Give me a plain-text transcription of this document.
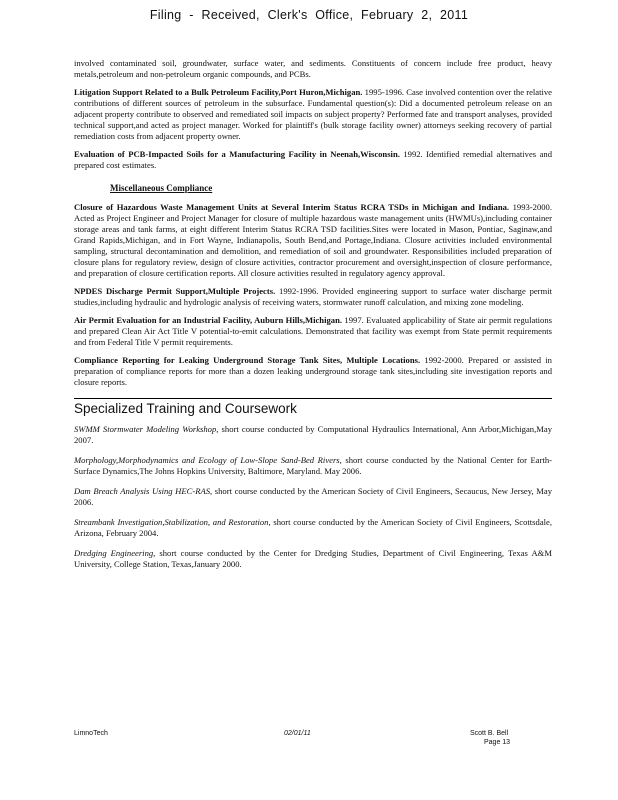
Filing - Received, Clerk's Office, February 2, 2011

involved contaminated soil, groundwater, surface water, and sediments. Constituents of concern include free product, heavy metals,petroleum and non-petroleum organic compounds, and PCBs.

Litigation Support Related to a Bulk Petroleum Facility,Port Huron,Michigan. 1995-1996. Case involved contention over the relative contributions of different sources of petroleum in the subsurface. Fundamental question(s): Did a documented petroleum release on an adjacent property contribute to observed and remediated soil impacts on subject property? Performed fate and transport analyses, provided technical support,and acted as project manager. Worked for plaintiff's (bulk storage facility owner) attorneys seeking recovery of partial remediation costs from adjacent property owner.

Evaluation of PCB-Impacted Soils for a Manufacturing Facility in Neenah,Wisconsin. 1992. Identified remedial alternatives and prepared cost estimates.

Miscellaneous Compliance

Closure of Hazardous Waste Management Units at Several Interim Status RCRA TSDs in Michigan and Indiana. 1993-2000. Acted as Project Engineer and Project Manager for closure of multiple hazardous waste management units (HWMUs),including container storage areas and tank farms, at eight different Interim Status RCRA TSD facilities.Sites were located in Mason, Pontiac, Saginaw,and Grand Rapids,Michigan, and in Fort Wayne, Indianapolis, South Bend,and Portage,Indiana. Closure activities included environmental sampling, structural decontamination and demolition, and remediation of soil and groundwater. Responsibilities included preparation of closure plans for regulatory review, design of closure activities, contractor procurement and oversight,inspection of closure performance, and preparation of closure certification reports. All closure activities resulted in regulatory agency approval.

NPDES Discharge Permit Support,Multiple Projects. 1992-1996. Provided engineering support to surface water discharge permit studies,including hydraulic and hydrologic analysis of receiving waters, stormwater runoff calculation, and mixing zone modeling.

Air Permit Evaluation for an Industrial Facility, Auburn Hills,Michigan. 1997. Evaluated applicability of State air permit regulations and prepared Clean Air Act Title V potential-to-emit calculations. Demonstrated that facility was exempt from State permit requirements and from Federal Title V permit requirements.

Compliance Reporting for Leaking Underground Storage Tank Sites, Multiple Locations. 1992-2000. Prepared or assisted in preparation of compliance reports for more than a dozen leaking underground storage tank sites,including site investigation reports and closure reports.

Specialized Training and Coursework

SWMM Stormwater Modeling Workshop, short course conducted by Computational Hydraulics International, Ann Arbor,Michigan,May 2007.

Morphology,Morphodynamics and Ecology of Low-Slope Sand-Bed Rivers, short course conducted by the National Center for Earth-Surface Dynamics,The Johns Hopkins University, Baltimore, Maryland. May 2006.

Dam Breach Analysis Using HEC-RAS, short course conducted by the American Society of Civil Engineers, Secaucus, New Jersey, May 2006.

Streambank Investigation,Stabilization, and Restoration, short course conducted by the American Society of Civil Engineers, Scottsdale, Arizona, February 2004.

Dredging Engineering, short course conducted by the Center for Dredging Studies, Department of Civil Engineering, Texas A&M University, College Station, Texas,January 2000.

LimnoTech	02/01/11	Scott B. Bell
Page 13
